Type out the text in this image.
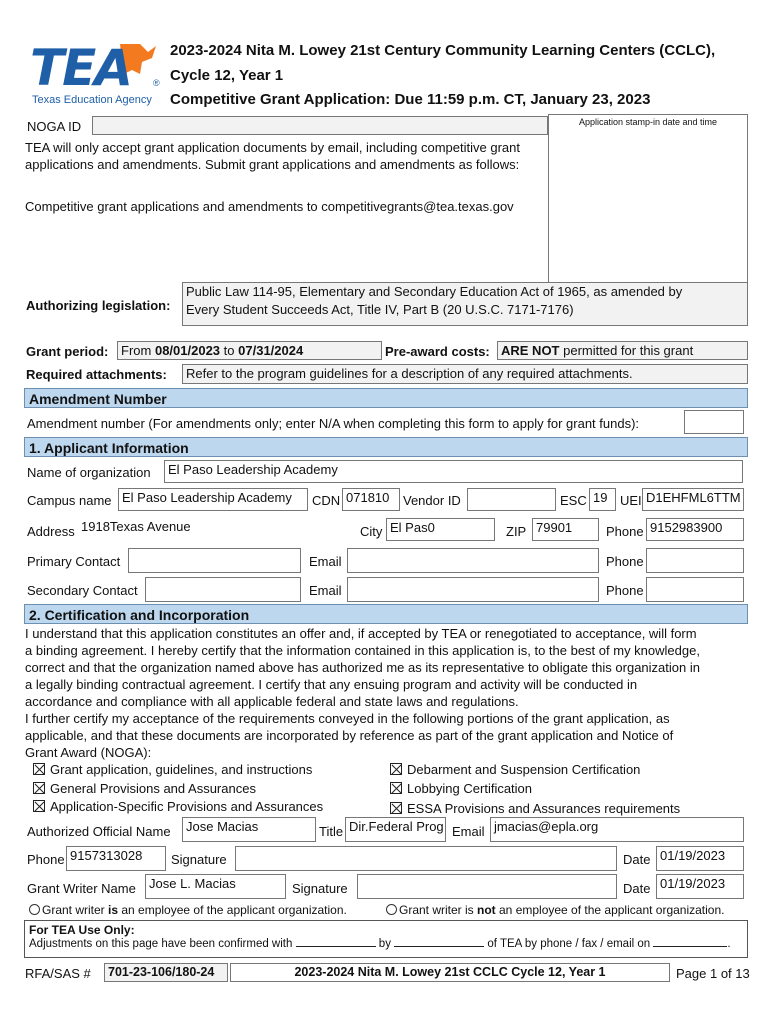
TEA ®
Texas Education Agency
2023-2024 Nita M. Lowey 21st Century Community Learning Centers (CCLC),
Cycle 12, Year 1
Competitive Grant Application: Due 11:59 p.m. CT, January 23, 2023
NOGA ID	Application stamp-in date and time
TEA will only accept grant application documents by email, including competitive grant
applications and amendments. Submit grant applications and amendments as follows:
Competitive grant applications and amendments to competitivegrants@tea.texas.gov
Authorizing legislation:
Public Law 114-95, Elementary and Secondary Education Act of 1965, as amended by
Every Student Succeeds Act, Title IV, Part B (20 U.S.C. 7171-7176)
Grant period: From 08/01/2023 to 07/31/2024	Pre-award costs: ARE NOT permitted for this grant
Required attachments:	Refer to the program guidelines for a description of any required attachments.
Amendment Number
Amendment number (For amendments only; enter N/A when completing this form to apply for grant funds):
1. Applicant Information
Name of organization	El Paso Leadership Academy
Campus name El Paso Leadership Academy	CDN 071810	Vendor ID	ESC 19 UEI D1EHFML6TTM
Address 1918Texas Avenue	City El Pas0	ZIP 79901	Phone 9152983900
Primary Contact	Email	Phone
Secondary Contact	Email	Phone
2. Certification and Incorporation
I understand that this application constitutes an offer and, if accepted by TEA or renegotiated to acceptance, will form
a binding agreement. I hereby certify that the information contained in this application is, to the best of my knowledge,
correct and that the organization named above has authorized me as its representative to obligate this organization in
a legally binding contractual agreement. I certify that any ensuing program and activity will be conducted in
accordance and compliance with all applicable federal and state laws and regulations.
I further certify my acceptance of the requirements conveyed in the following portions of the grant application, as
applicable, and that these documents are incorporated by reference as part of the grant application and Notice of
Grant Award (NOGA):
Grant application, guidelines, and instructions
General Provisions and Assurances
Application-Specific Provisions and Assurances
Debarment and Suspension Certification
Lobbying Certification
ESSA Provisions and Assurances requirements
Authorized Official Name	Jose Macias	Title Dir.Federal Prog Email jmacias@epla.org
Phone 9157313028	Signature	Date 01/19/2023
Grant Writer Name	Jose L. Macias	Signature	Date 01/19/2023
Grant writer is an employee of the applicant organization.	Grant writer is not an employee of the applicant organization.
For TEA Use Only:
Adjustments on this page have been confirmed with	by	of TEA by phone / fax / email on	.
RFA/SAS #	701-23-106/180-24	2023-2024 Nita M. Lowey 21st CCLC Cycle 12, Year 1	Page 1 of 13
